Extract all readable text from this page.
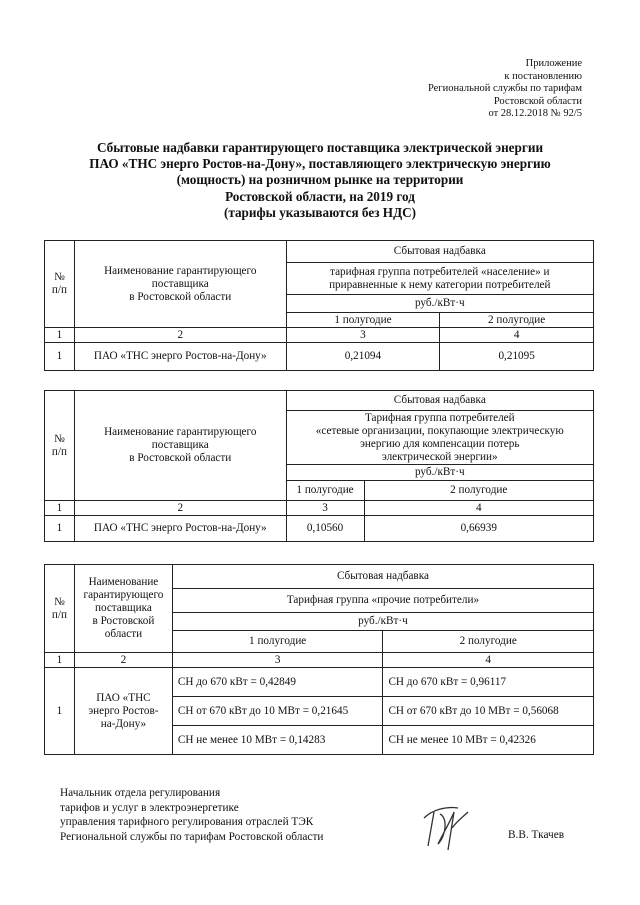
Приложение
к постановлению
Региональной службы по тарифам
Ростовской области
от 28.12.2018 № 92/5
Сбытовые надбавки гарантирующего поставщика электрической энергии
ПАО «ТНС энерго Ростов-на-Дону», поставляющего электрическую энергию
(мощность) на розничном рынке на территории
Ростовской области, на 2019 год
(тарифы указываются без НДС)
№
п/п	Наименование гарантирующего
поставщика
в Ростовской области	Сбытовая надбавка	
		тарифная группа потребителей «население» и
приравненные к нему категории потребителей	
		руб./кВт·ч	
		1 полугодие	2 полугодие
1	2	3	4
1	ПАО «ТНС энерго Ростов-на-Дону»	0,21094	0,21095
№
п/п	Наименование гарантирующего
поставщика
в Ростовской области	Сбытовая надбавка	
		Тарифная группа потребителей
«сетевые организации, покупающие электрическую
энергию для компенсации потерь
электрической энергии»	
		руб./кВт·ч	
		1 полугодие	2 полугодие
1	2	3	4
1	ПАО «ТНС энерго Ростов-на-Дону»	0,10560	0,66939
№
п/п	Наименование
гарантирующего
поставщика
в Ростовской
области	Сбытовая надбавка	
		Тарифная группа «прочие потребители»	
		руб./кВт·ч	
		1 полугодие	2 полугодие
1	2	3	4
1	ПАО «ТНС
энерго Ростов-
на-Дону»	СН до 670 кВт = 0,42849	СН до 670 кВт = 0,96117
		СН от 670 кВт до 10 МВт = 0,21645	СН от 670 кВт до 10 МВт = 0,56068
		СН не менее 10 МВт = 0,14283	СН не менее 10 МВт = 0,42326
Начальник отдела регулирования
тарифов и услуг в электроэнергетике
управления тарифного регулирования отраслей ТЭК
Региональной службы по тарифам Ростовской области	В.В. Ткачев
